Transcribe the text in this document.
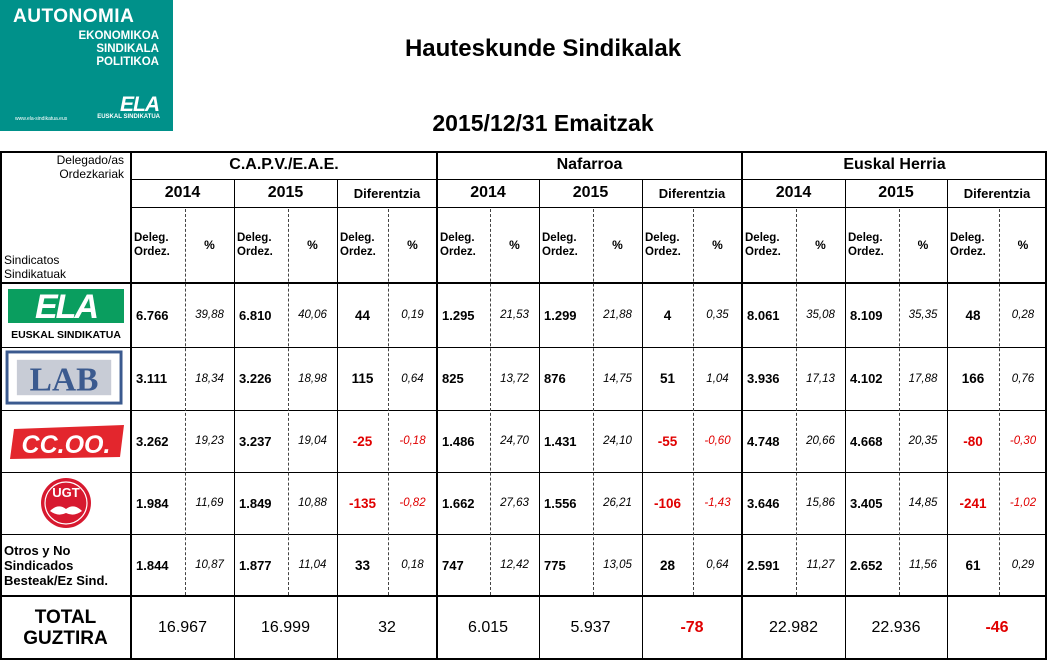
AUTONOMIA
EKONOMIKOA
SINDIKALA
POLITIKOA
ELA
EUSKAL SINDIKATUA
www.ela-sindikatua.eus
Hauteskunde Sindikalak
2015/12/31 Emaitzak
Delegado/as Ordezkariak
Sindicatos Sindikatuak
C.A.P.V./E.A.E.	Nafarroa	Euskal Herria
2014	2015	Diferentzia	2014	2015	Diferentzia	2014	2015	Diferentzia
Deleg. Ordez.	%	Deleg. Ordez.	%	Deleg. Ordez.	%	Deleg. Ordez.	%	Deleg. Ordez.	%	Deleg. Ordez.	%	Deleg. Ordez.	%	Deleg. Ordez.	%	Deleg. Ordez.	%
ELA
EUSKAL SINDIKATUA
6.766	39,88	6.810	40,06	44	0,19	1.295	21,53	1.299	21,88	4	0,35	8.061	35,08	8.109	35,35	48	0,28
LAB	3.111	18,34	3.226	18,98	115	0,64	825	13,72	876	14,75	51	1,04	3.936	17,13	4.102	17,88	166	0,76
CC.OO. 3.262	19,23	3.237	19,04	-25	-0,18	1.486	24,70	1.431	24,10	-55	-0,60	4.748	20,66	4.668	20,35	-80	-0,30
UGT
1.984	11,69	1.849	10,88	-135	-0,82	1.662	27,63	1.556	26,21	-106	-1,43	3.646	15,86	3.405	14,85	-241	-1,02
Otros y No
Sindicados
Besteak/Ez Sind.
1.844	10,87	1.877	11,04	33	0,18	747	12,42	775	13,05	28	0,64	2.591	11,27	2.652	11,56	61	0,29
TOTAL
GUZTIRA
16.967	16.999	32	6.015	5.937	-78	22.982	22.936	-46
